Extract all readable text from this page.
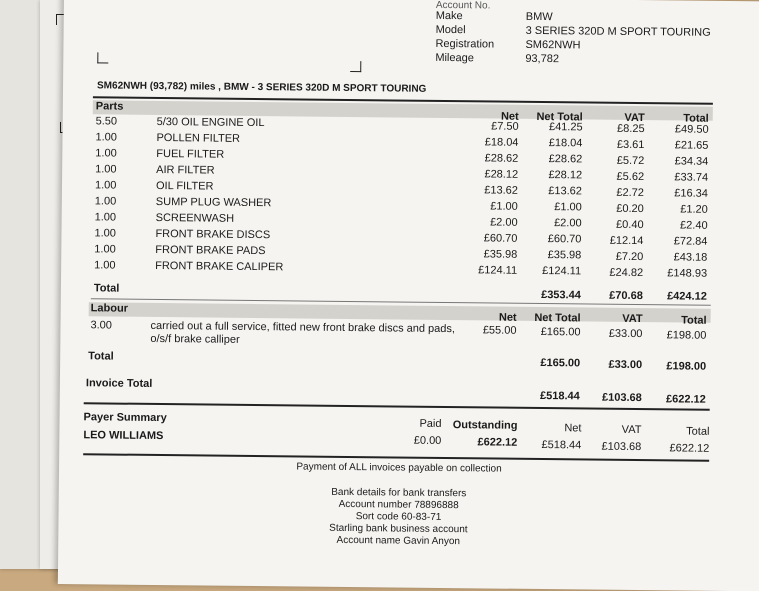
Account No.
Make	BMW
Model	3 SERIES 320D M SPORT TOURING
Registration	SM62NWH
Mileage	93,782
SM62NWH (93,782) miles , BMW - 3 SERIES 320D M SPORT TOURING
Parts
Net	Net Total	VAT	Total
5.50	5/30 OIL ENGINE OIL	£7.50	£41.25	£8.25	£49.50
1.00	POLLEN FILTER	£18.04	£18.04	£3.61	£21.65
1.00	FUEL FILTER	£28.62	£28.62	£5.72	£34.34
1.00	AIR FILTER	£28.12	£28.12	£5.62	£33.74
1.00	OIL FILTER	£13.62	£13.62	£2.72	£16.34
1.00	SUMP PLUG WASHER	£1.00	£1.00	£0.20	£1.20
1.00	SCREENWASH	£2.00	£2.00	£0.40	£2.40
1.00	FRONT BRAKE DISCS	£60.70	£60.70	£12.14	£72.84
1.00	FRONT BRAKE PADS	£35.98	£35.98	£7.20	£43.18
1.00	FRONT BRAKE CALIPER	£124.11	£124.11	£24.82	£148.93
Total
£353.44	£70.68	£424.12
Labour
Net	Net Total	VAT	Total
3.00	carried out a full service, fitted new front brake discs and pads,
o/s/f brake calliper
£55.00	£165.00	£33.00	£198.00
Total
£165.00	£33.00	£198.00
Invoice Total
£518.44	£103.68	£622.12
Payer Summary
LEO WILLIAMS
Paid
£0.00
Outstanding
£622.12
Net
£518.44
VAT
£103.68
Total
£622.12
Payment of ALL invoices payable on collection
Bank details for bank transfers
Account number 78896888
Sort code 60-83-71
Starling bank business account
Account name Gavin Anyon
